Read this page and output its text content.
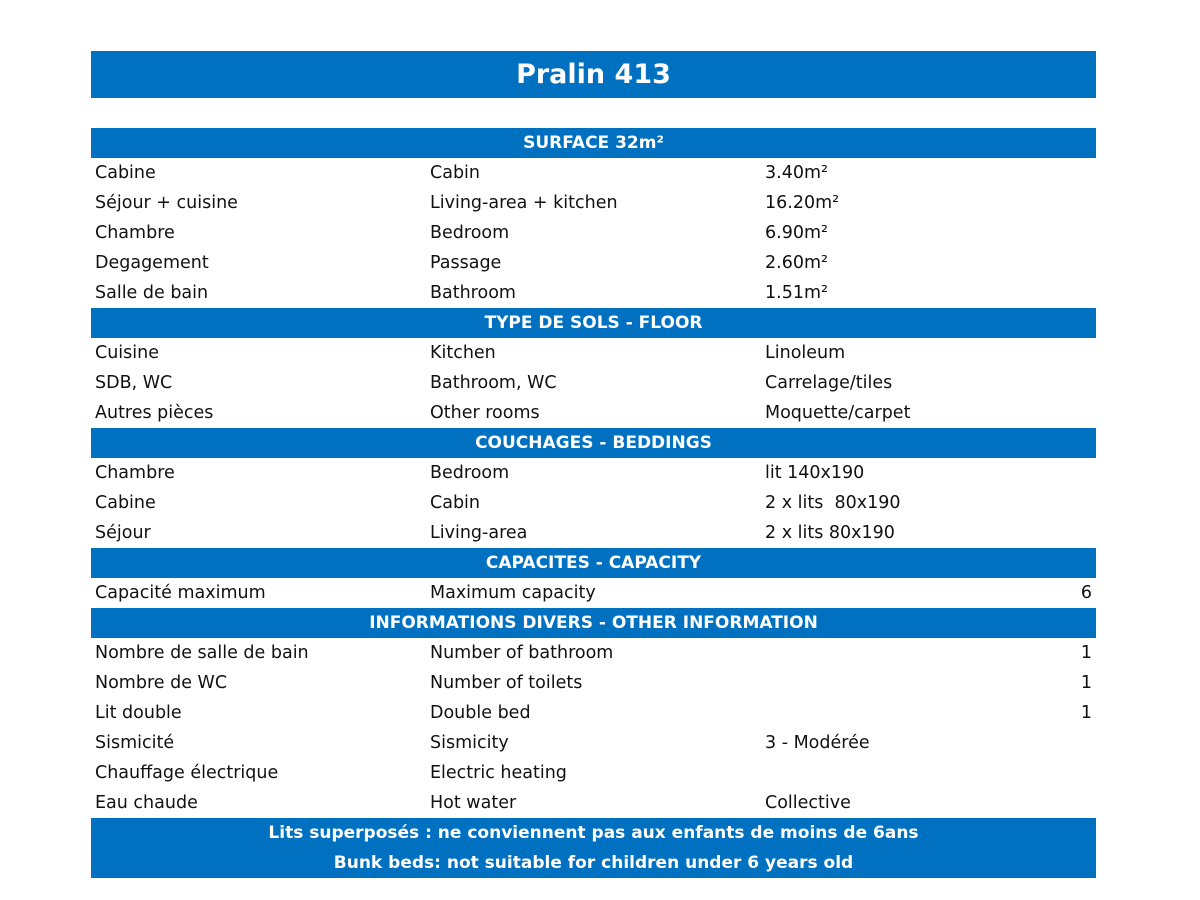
Pralin 413
SURFACE 32m²
Cabine	Cabin	3.40m²
Séjour + cuisine	Living-area + kitchen	16.20m²
Chambre	Bedroom	6.90m²
Degagement	Passage	2.60m²
Salle de bain	Bathroom	1.51m²
TYPE DE SOLS - FLOOR
Cuisine	Kitchen	Linoleum
SDB, WC	Bathroom, WC	Carrelage/tiles
Autres pièces	Other rooms	Moquette/carpet
COUCHAGES - BEDDINGS
Chambre	Bedroom	lit 140x190
Cabine	Cabin	2 x lits  80x190
Séjour	Living-area	2 x lits 80x190
CAPACITES - CAPACITY
Capacité maximum	Maximum capacity	6
INFORMATIONS DIVERS - OTHER INFORMATION
Nombre de salle de bain	Number of bathroom	1
Nombre de WC	Number of toilets	1
Lit double	Double bed	1
Sismicité	Sismicity	3 - Modérée
Chauffage électrique	Electric heating
Eau chaude	Hot water	Collective
Lits superposés : ne conviennent pas aux enfants de moins de 6ans
Bunk beds: not suitable for children under 6 years old
